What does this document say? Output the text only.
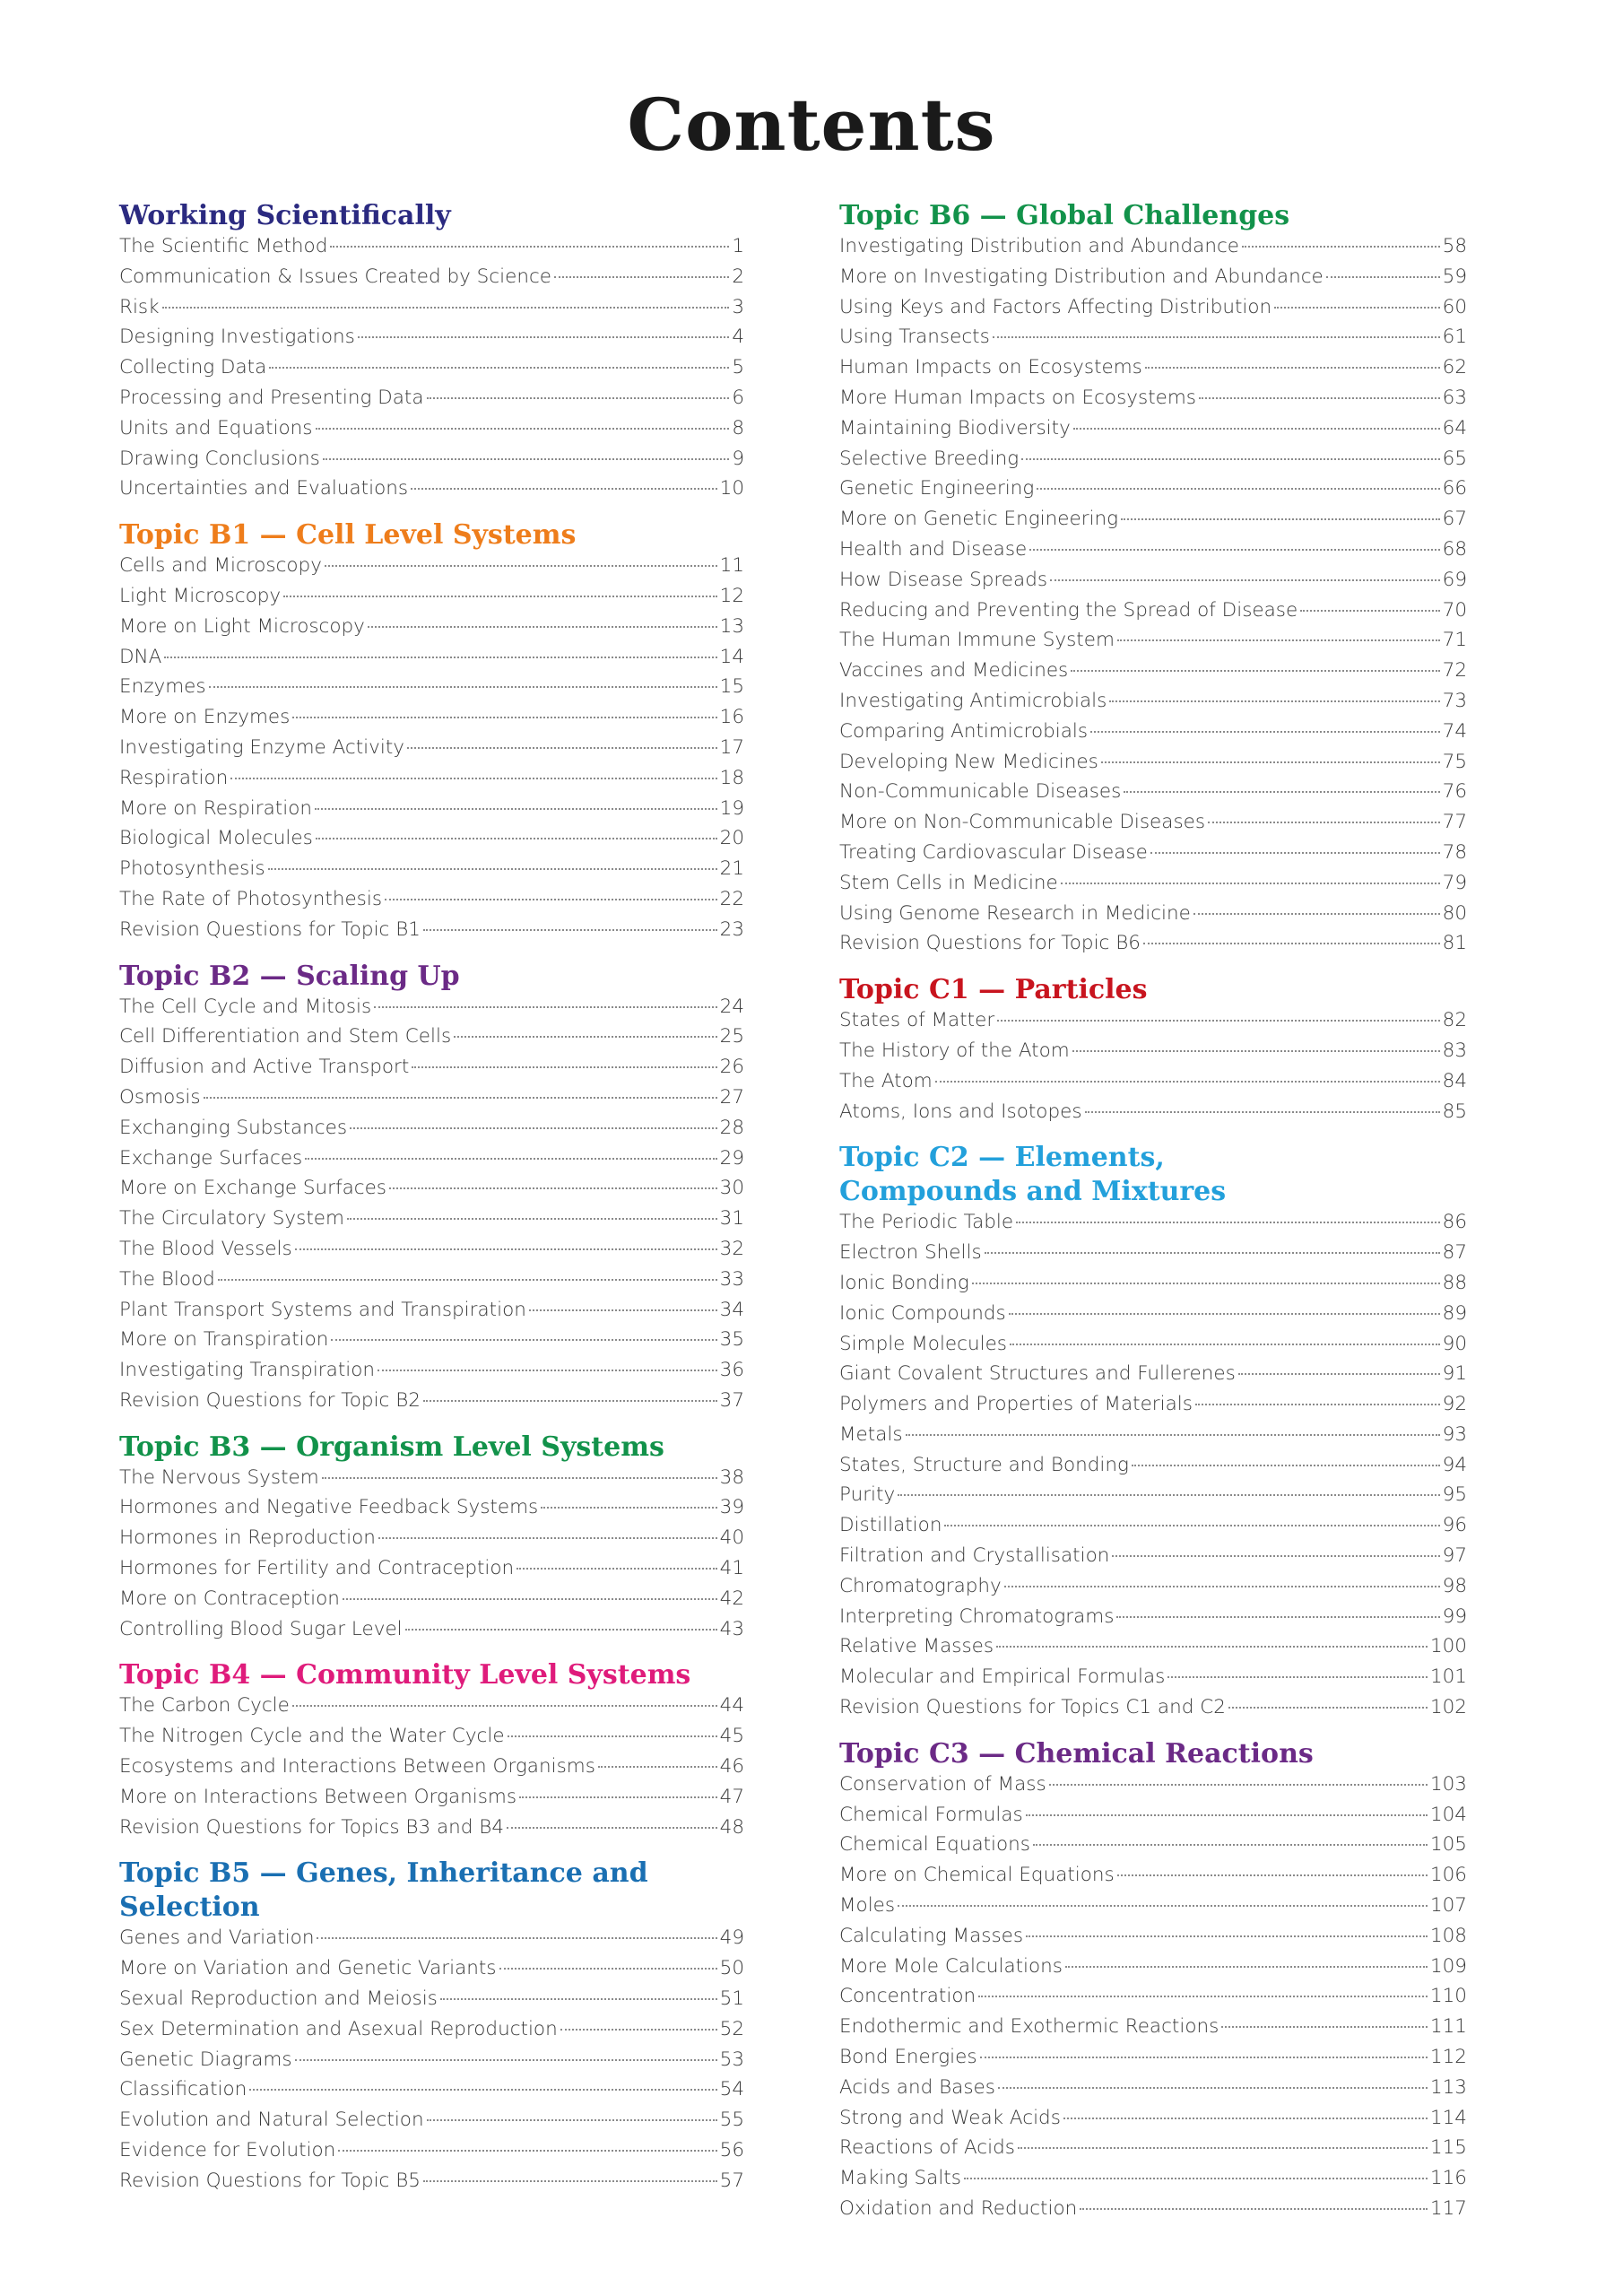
Contents
Working Scientifically
The Scientific Method	1
Communication & Issues Created by Science	2
Risk	3
Designing Investigations	4
Collecting Data	5
Processing and Presenting Data	6
Units and Equations	8
Drawing Conclusions	9
Uncertainties and Evaluations	10
Topic B1 — Cell Level Systems
Cells and Microscopy	11
Light Microscopy	12
More on Light Microscopy	13
DNA	14
Enzymes	15
More on Enzymes	16
Investigating Enzyme Activity	17
Respiration	18
More on Respiration	19
Biological Molecules	20
Photosynthesis	21
The Rate of Photosynthesis	22
Revision Questions for Topic B1	23
Topic B2 — Scaling Up
The Cell Cycle and Mitosis	24
Cell Differentiation and Stem Cells	25
Diffusion and Active Transport	26
Osmosis	27
Exchanging Substances	28
Exchange Surfaces	29
More on Exchange Surfaces	30
The Circulatory System	31
The Blood Vessels	32
The Blood	33
Plant Transport Systems and Transpiration	34
More on Transpiration	35
Investigating Transpiration	36
Revision Questions for Topic B2	37
Topic B3 — Organism Level Systems
The Nervous System	38
Hormones and Negative Feedback Systems	39
Hormones in Reproduction	40
Hormones for Fertility and Contraception	41
More on Contraception	42
Controlling Blood Sugar Level	43
Topic B4 — Community Level Systems
The Carbon Cycle	44
The Nitrogen Cycle and the Water Cycle	45
Ecosystems and Interactions Between Organisms	46
More on Interactions Between Organisms	47
Revision Questions for Topics B3 and B4	48
Topic B5 — Genes, Inheritance and Selection
Genes and Variation	49
More on Variation and Genetic Variants	50
Sexual Reproduction and Meiosis	51
Sex Determination and Asexual Reproduction	52
Genetic Diagrams	53
Classification	54
Evolution and Natural Selection	55
Evidence for Evolution	56
Revision Questions for Topic B5	57
Topic B6 — Global Challenges
Investigating Distribution and Abundance	58
More on Investigating Distribution and Abundance	59
Using Keys and Factors Affecting Distribution	60
Using Transects	61
Human Impacts on Ecosystems	62
More Human Impacts on Ecosystems	63
Maintaining Biodiversity	64
Selective Breeding	65
Genetic Engineering	66
More on Genetic Engineering	67
Health and Disease	68
How Disease Spreads	69
Reducing and Preventing the Spread of Disease	70
The Human Immune System	71
Vaccines and Medicines	72
Investigating Antimicrobials	73
Comparing Antimicrobials	74
Developing New Medicines	75
Non-Communicable Diseases	76
More on Non-Communicable Diseases	77
Treating Cardiovascular Disease	78
Stem Cells in Medicine	79
Using Genome Research in Medicine	80
Revision Questions for Topic B6	81
Topic C1 — Particles
States of Matter	82
The History of the Atom	83
The Atom	84
Atoms, Ions and Isotopes	85
Topic C2 — Elements, Compounds and Mixtures
The Periodic Table	86
Electron Shells	87
Ionic Bonding	88
Ionic Compounds	89
Simple Molecules	90
Giant Covalent Structures and Fullerenes	91
Polymers and Properties of Materials	92
Metals	93
States, Structure and Bonding	94
Purity	95
Distillation	96
Filtration and Crystallisation	97
Chromatography	98
Interpreting Chromatograms	99
Relative Masses	100
Molecular and Empirical Formulas	101
Revision Questions for Topics C1 and C2	102
Topic C3 — Chemical Reactions
Conservation of Mass	103
Chemical Formulas	104
Chemical Equations	105
More on Chemical Equations	106
Moles	107
Calculating Masses	108
More Mole Calculations	109
Concentration	110
Endothermic and Exothermic Reactions	111
Bond Energies	112
Acids and Bases	113
Strong and Weak Acids	114
Reactions of Acids	115
Making Salts	116
Oxidation and Reduction	117
